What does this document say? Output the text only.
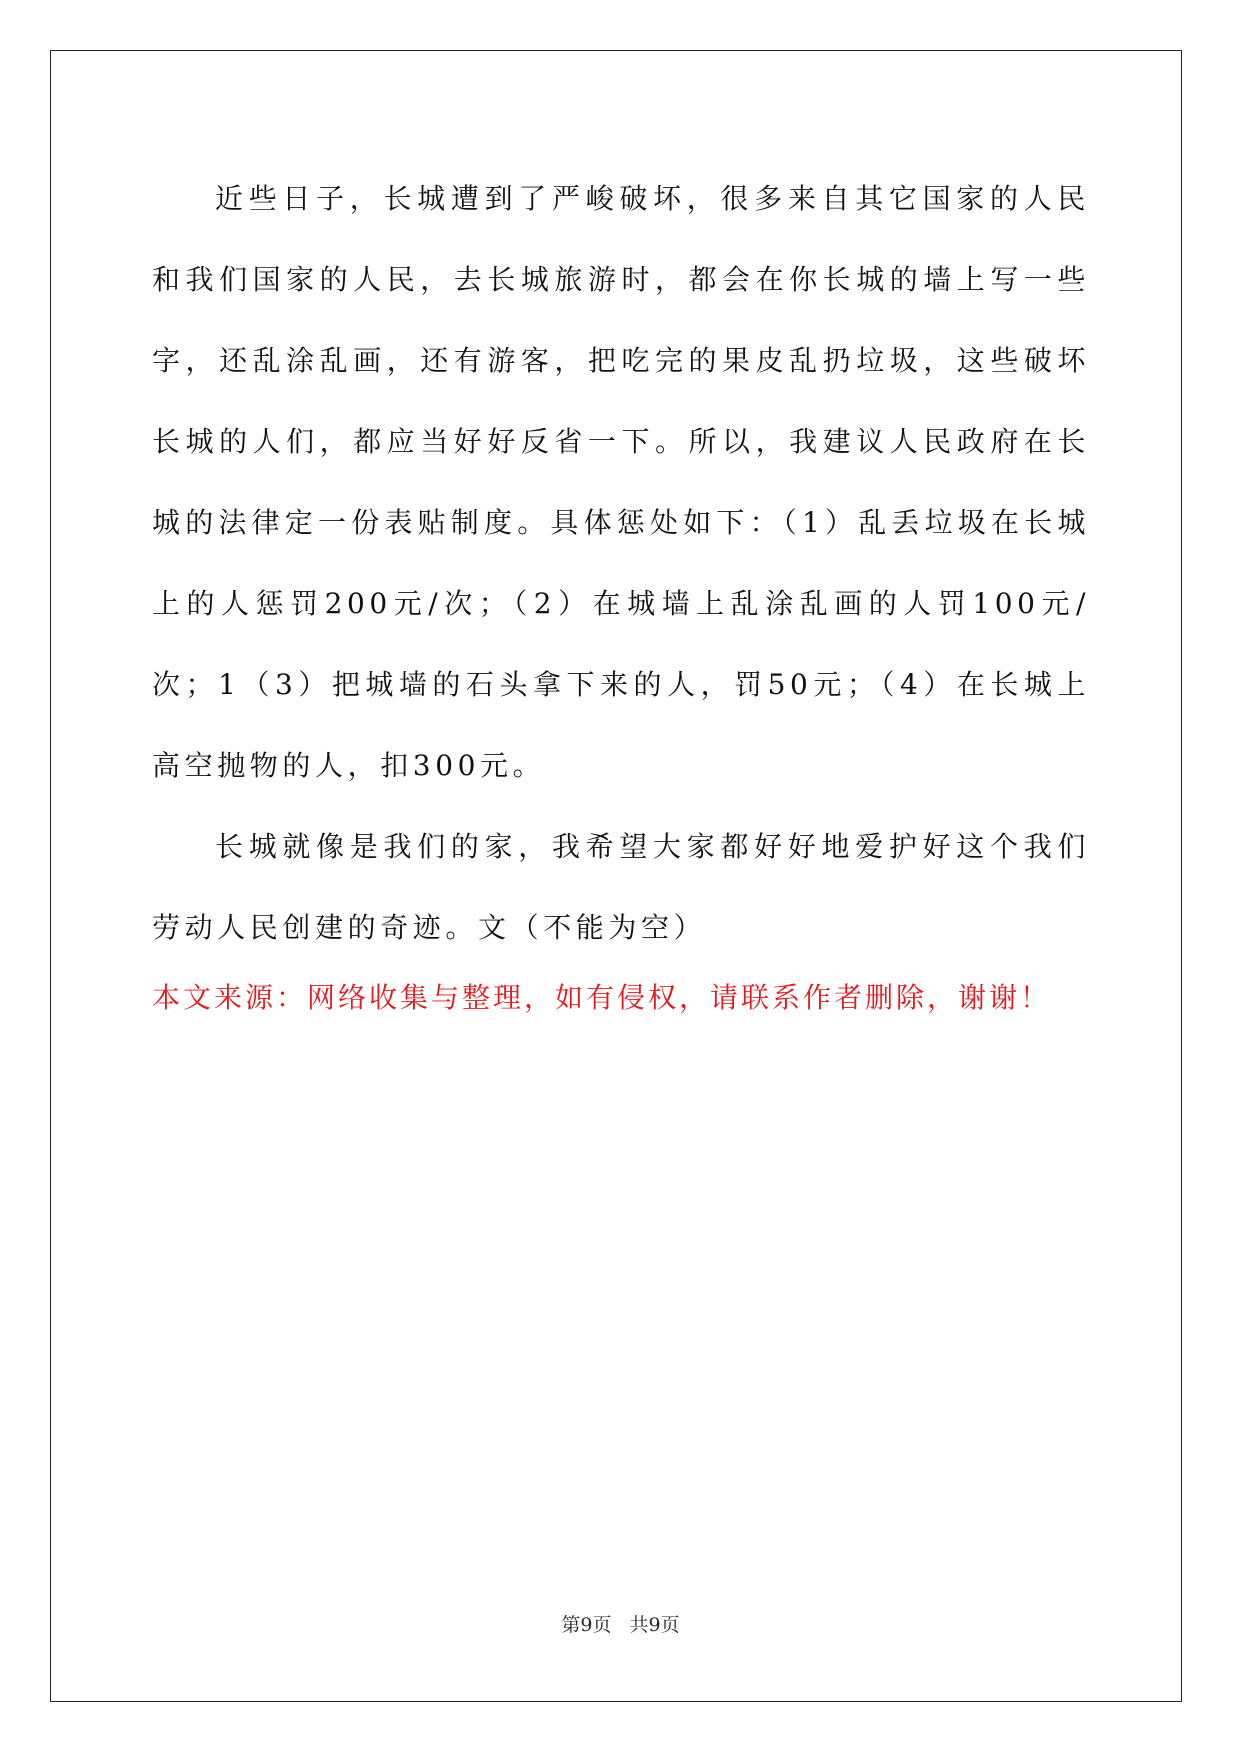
近些日子，长城遭到了严峻破坏，很多来自其它国家的人民和我们国家的人民，去长城旅游时，都会在你长城的墙上写一些字，还乱涂乱画，还有游客，把吃完的果皮乱扔垃圾，这些破坏长城的人们，都应当好好反省一下。所以，我建议人民政府在长城的法律定一份表贴制度。具体惩处如下：（1）乱丢垃圾在长城上的人惩罚200元/次；（2）在城墙上乱涂乱画的人罚100元/次；1（3）把城墙的石头拿下来的人，罚50元；（4）在长城上高空抛物的人，扣300元。

长城就像是我们的家，我希望大家都好好地爱护好这个我们劳动人民创建的奇迹。文（不能为空）

本文来源：网络收集与整理，如有侵权，请联系作者删除，谢谢！

第9页 共9页
